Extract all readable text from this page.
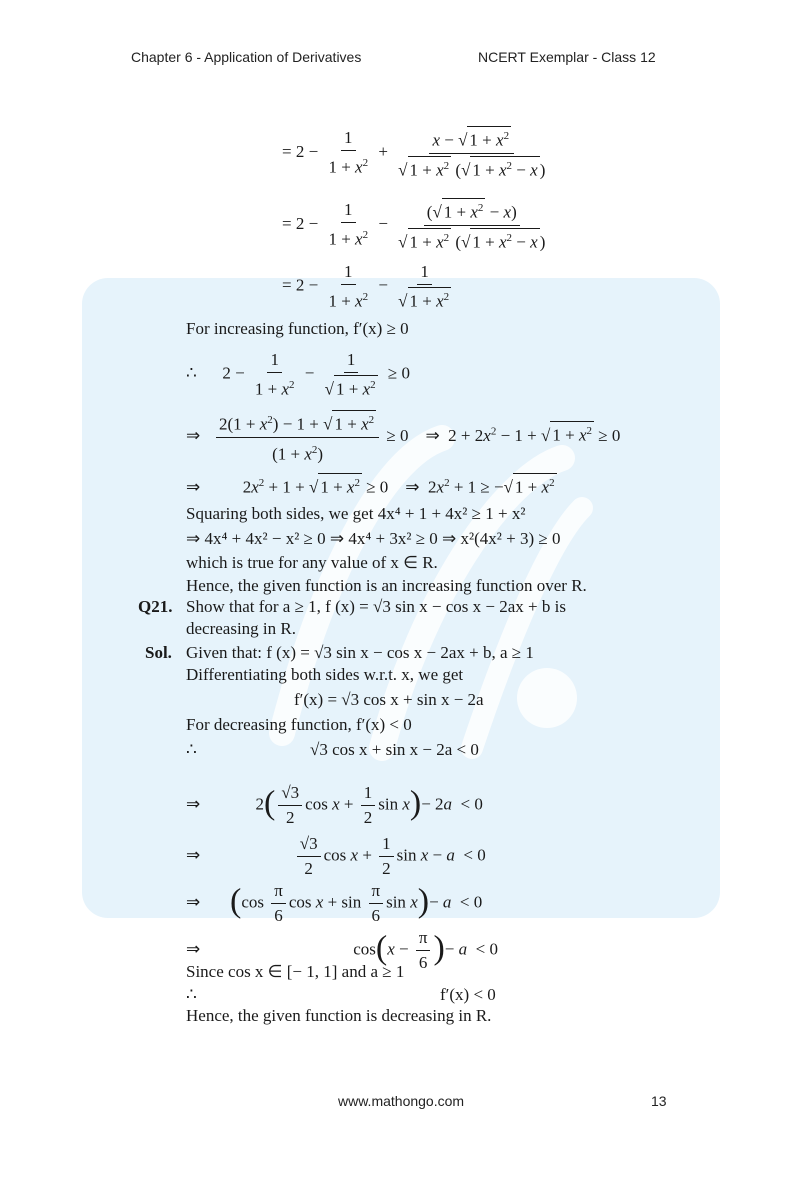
Chapter 6 - Application of Derivatives	NCERT Exemplar - Class 12
= $2 - \frac{1}{1 + x^2} + \frac{x - √ 1 + x^2}{√ 1 + x^2 (√ 1 + x^2 - x )}$
= $2 - \frac{1}{1 + x^2} - \frac{(√ 1 + x^2 - x)}{√ 1 + x^2 (√ 1 + x^2 - x )}$
= $2 - \frac{1}{1 + x^2} - \frac{1}{√ 1 + x^2}$
For increasing function, f′(x) ≥ 0
∴      $2 - \frac{1}{1 + x^2} - \frac{1}{√ 1 + x^2} \ge 0$
⇒ $\frac{2(1 + x^2) - 1 + √ 1 + x^2}{(1 + x^2)} \ge 0$    ⇒  $2 + 2x^2 - 1$ + √ $1 + x^2 \ge 0$
⇒          $2x^2 + 1$ + √ $1 + x^2 \ge 0$    ⇒  $2x^2 + 1$ ≥ −√ $1 + x^2$
Squaring both sides, we get 4x⁴ + 1 + 4x² ≥ 1 + x²
⇒ 4x⁴ + 4x² − x² ≥ 0 ⇒ 4x⁴ + 3x² ≥ 0 ⇒ x²(4x² + 3) ≥ 0
which is true for any value of x ∈ R.
Hence, the given function is an increasing function over R.
Q21. Show that for a ≥ 1, f (x) = √3 sin x − cos x − 2ax + b is
decreasing in R.
Sol. Given that: f (x) = √3 sin x − cos x − 2ax + b, a ≥ 1
Differentiating both sides w.r.t. x, we get
f′(x) = √3 cos x + sin x − 2a
For decreasing function, f′(x) < 0
∴	√3 cos x + sin x − 2a < 0
⇒             $2( \frac{√3}{2}$ $\cos x + \frac{1}{2}$ sin x)− 2a  < 0
⇒ $\frac{√3}{2}$ $\cos x + \frac{1}{2}$ sin x − a  < 0
⇒       ($\cos \frac{\pi}{6}$ $\cos x + \sin \frac{\pi}{6}$ sin x)− a  < 0
⇒                                    $\cos(x - \frac{\pi}{6}$ )− a  < 0
Since cos x ∈ [− 1, 1] and a ≥ 1
∴	f′(x) < 0
Hence, the given function is decreasing in R.
www.mathongo.com	13
